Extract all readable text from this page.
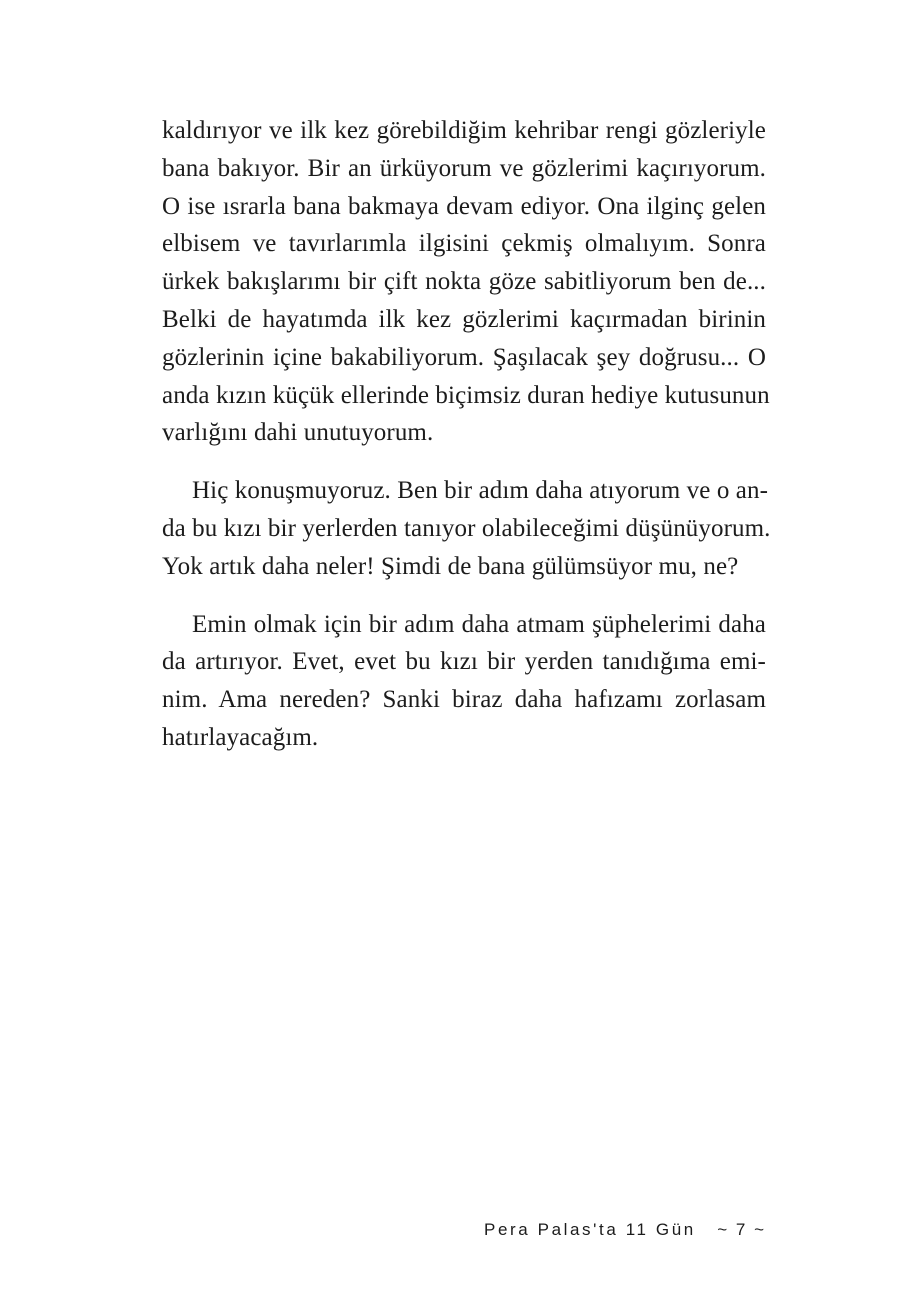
kaldırıyor ve ilk kez görebildiğim kehribar rengi gözleriyle
bana bakıyor. Bir an ürküyorum ve gözlerimi kaçırıyorum.
O ise ısrarla bana bakmaya devam ediyor. Ona ilginç gelen
elbisem ve tavırlarımla ilgisini çekmiş olmalıyım. Sonra
ürkek bakışlarımı bir çift nokta göze sabitliyorum ben de...
Belki de hayatımda ilk kez gözlerimi kaçırmadan birinin
gözlerinin içine bakabiliyorum. Şaşılacak şey doğrusu... O
anda kızın küçük ellerinde biçimsiz duran hediye kutusunun
varlığını dahi unutuyorum.
Hiç konuşmuyoruz. Ben bir adım daha atıyorum ve o an-
da bu kızı bir yerlerden tanıyor olabileceğimi düşünüyorum.
Yok artık daha neler! Şimdi de bana gülümsüyor mu, ne?
Emin olmak için bir adım daha atmam şüphelerimi daha
da artırıyor. Evet, evet bu kızı bir yerden tanıdığıma emi-
nim. Ama nereden? Sanki biraz daha hafızamı zorlasam
hatırlayacağım.
Pera Palas'ta 11 Gün ~ 7 ~
